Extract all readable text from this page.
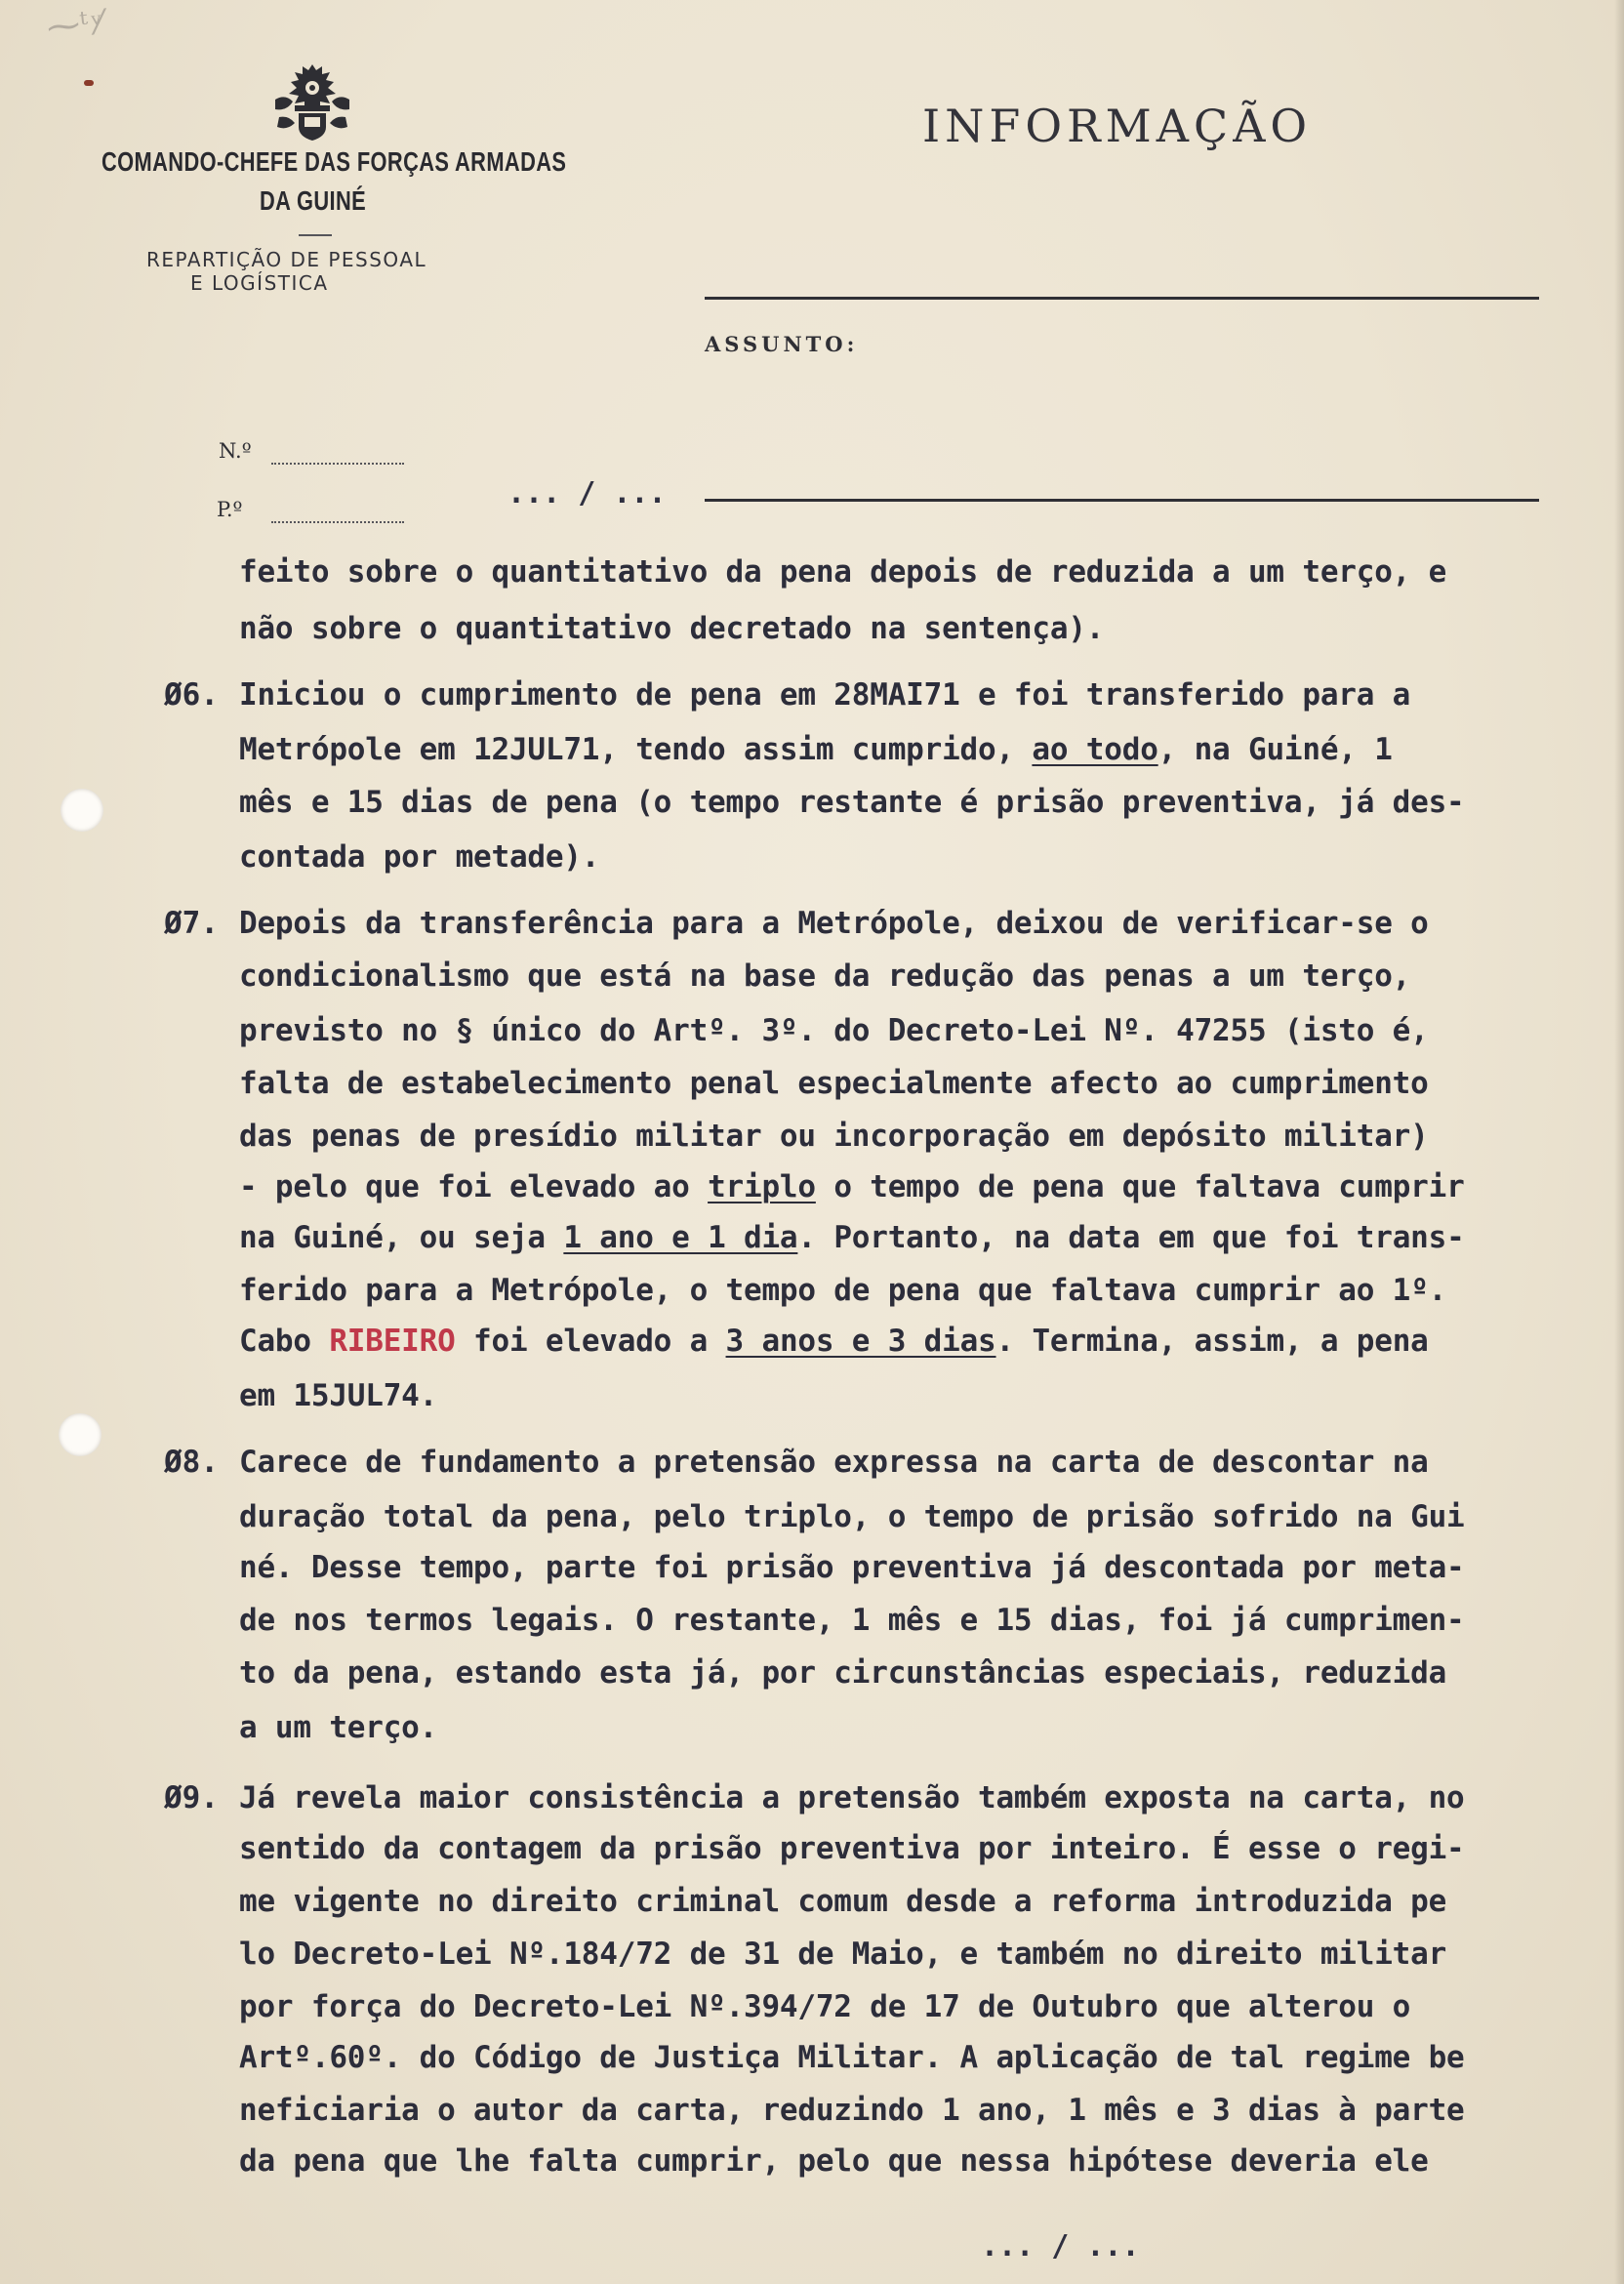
⁓ᵗ ͮ⁄
COMANDO-CHEFE DAS FORÇAS ARMADAS
DA GUINÉ
REPARTIÇÃO DE PESSOAL
E LOGÍSTICA
INFORMAÇÃO
ASSUNTO:
N.º
P.º	... / ...
feito sobre o quantitativo da pena depois de reduzida a um terço, e
não sobre o quantitativo decretado na sentença).
Ø6. Iniciou o cumprimento de pena em 28MAI71 e foi transferido para a
Metrópole em 12JUL71, tendo assim cumprido, ao todo, na Guiné, 1
mês e 15 dias de pena (o tempo restante é prisão preventiva, já des-
contada por metade).
Ø7. Depois da transferência para a Metrópole, deixou de verificar-se o
condicionalismo que está na base da redução das penas a um terço,
previsto no § único do Artº. 3º. do Decreto-Lei Nº. 47255 (isto é,
falta de estabelecimento penal especialmente afecto ao cumprimento
das penas de presídio militar ou incorporação em depósito militar)
- pelo que foi elevado ao triplo o tempo de pena que faltava cumprir
na Guiné, ou seja 1 ano e 1 dia. Portanto, na data em que foi trans-
ferido para a Metrópole, o tempo de pena que faltava cumprir ao 1º.
Cabo RIBEIRO foi elevado a 3 anos e 3 dias. Termina, assim, a pena
em 15JUL74.
Ø8. Carece de fundamento a pretensão expressa na carta de descontar na
duração total da pena, pelo triplo, o tempo de prisão sofrido na Gui
né. Desse tempo, parte foi prisão preventiva já descontada por meta-
de nos termos legais. O restante, 1 mês e 15 dias, foi já cumprimen-
to da pena, estando esta já, por circunstâncias especiais, reduzida
a um terço.
Ø9. Já revela maior consistência a pretensão também exposta na carta, no
sentido da contagem da prisão preventiva por inteiro. É esse o regi-
me vigente no direito criminal comum desde a reforma introduzida pe
lo Decreto-Lei Nº.184/72 de 31 de Maio, e também no direito militar
por força do Decreto-Lei Nº.394/72 de 17 de Outubro que alterou o
Artº.60º. do Código de Justiça Militar. A aplicação de tal regime be
neficiaria o autor da carta, reduzindo 1 ano, 1 mês e 3 dias à parte
da pena que lhe falta cumprir, pelo que nessa hipótese deveria ele
... / ...
